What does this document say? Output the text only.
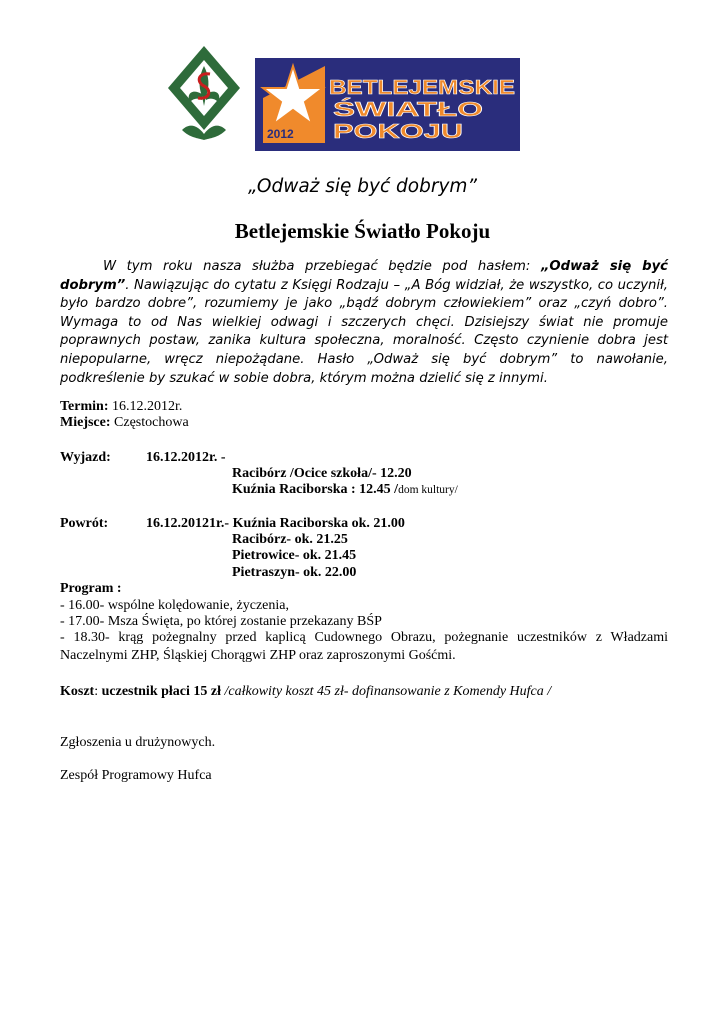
2012
BETLEJEMSKIE
ŚWIATŁO
POKOJU
„Odważ się być dobrym”
Betlejemskie Światło Pokoju

W tym roku nasza służba przebiegać będzie pod hasłem: „Odważ się być dobrym”. Nawiązując do cytatu z Księgi Rodzaju – „A Bóg widział, że wszystko, co uczynił, było bardzo dobre”, rozumiemy je jako „bądź dobrym człowiekiem” oraz „czyń dobro”. Wymaga to od Nas wielkiej odwagi i szczerych chęci. Dzisiejszy świat nie promuje poprawnych postaw, zanika kultura społeczna, moralność. Często czynienie dobra jest niepopularne, wręcz niepożądane. Hasło „Odważ się być dobrym” to nawołanie, podkreślenie by szukać w sobie dobra, którym można dzielić się z innymi.

Termin: 16.12.2012r.
Miejsce: Częstochowa
Wyjazd:	16.12.2012r. -
Racibórz /Ocice szkoła/- 12.20
Kuźnia Raciborska : 12.45 /dom kultury/
Powrót:	16.12.20121r.- Kuźnia Raciborska ok. 21.00
Racibórz- ok. 21.25
Pietrowice- ok. 21.45
Pietraszyn- ok. 22.00
Program :
- 16.00- wspólne kolędowanie, życzenia,
- 17.00- Msza Święta, po której zostanie przekazany BŚP

- 18.30- krąg pożegnalny przed kaplicą Cudownego Obrazu, pożegnanie uczestników z Władzami Naczelnymi ZHP, Śląskiej Chorągwi ZHP oraz zaproszonymi Gośćmi.

Koszt: uczestnik płaci 15 zł /całkowity koszt 45 zł- dofinansowanie z Komendy Hufca /
Zgłoszenia u drużynowych.
Zespół Programowy Hufca
